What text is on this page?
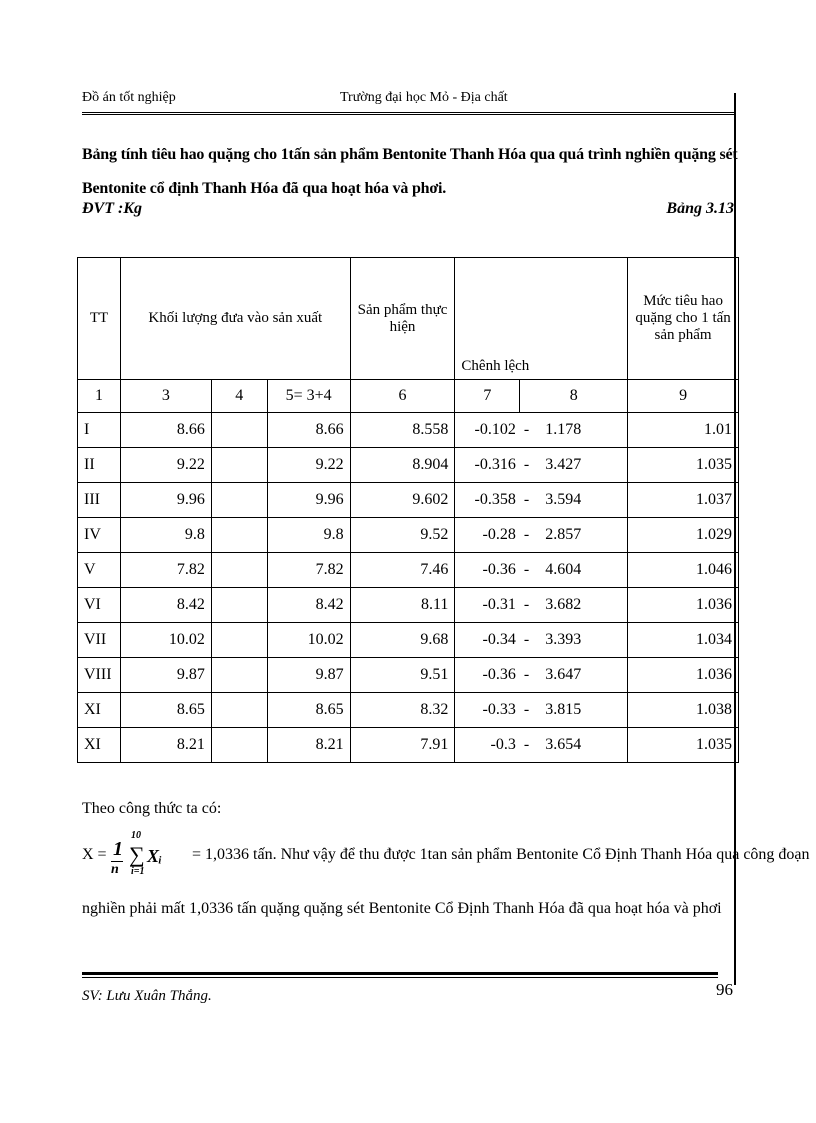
Đồ án tốt nghiệp	Trường đại học Mỏ - Địa chất
Bảng tính tiêu hao quặng cho 1tấn sản phẩm Bentonite Thanh Hóa qua quá trình nghiền quặng sét Bentonite cổ định Thanh Hóa đã qua hoạt hóa và phơi.
ĐVT :Kg	Bảng 3.13
TT	Khối lượng đưa vào sản xuất			Sản phẩm thực hiện	Chênh lệch		Mức tiêu hao quặng cho 1 tấn sản phẩm
1	3	4	5= 3+4	6	7	8	9
I	8.66		8.66	8.558	-0.102	- 1.178	1.01
II	9.22		9.22	8.904	-0.316	- 3.427	1.035
III	9.96		9.96	9.602	-0.358	- 3.594	1.037
IV	9.8		9.8	9.52	-0.28	- 2.857	1.029
V	7.82		7.82	7.46	-0.36	- 4.604	1.046
VI	8.42		8.42	8.11	-0.31	- 3.682	1.036
VII	10.02		10.02	9.68	-0.34	- 3.393	1.034
VIII	9.87		9.87	9.51	-0.36	- 3.647	1.036
XI	8.65		8.65	8.32	-0.33	- 3.815	1.038
XI	8.21		8.21	7.91	-0.3	- 3.654	1.035
Theo công thức ta có:
X = 1
n
10
∑
i=1
Xᵢ = 1,0336 tấn. Như vậy để thu được 1tan sản phẩm Bentonite Cổ Định Thanh Hóa qua công đoạn
nghiền phải mất 1,0336 tấn quặng quặng sét Bentonite Cổ Định Thanh Hóa đã qua hoạt hóa và phơi
SV: Lưu Xuân Thắng.	96
